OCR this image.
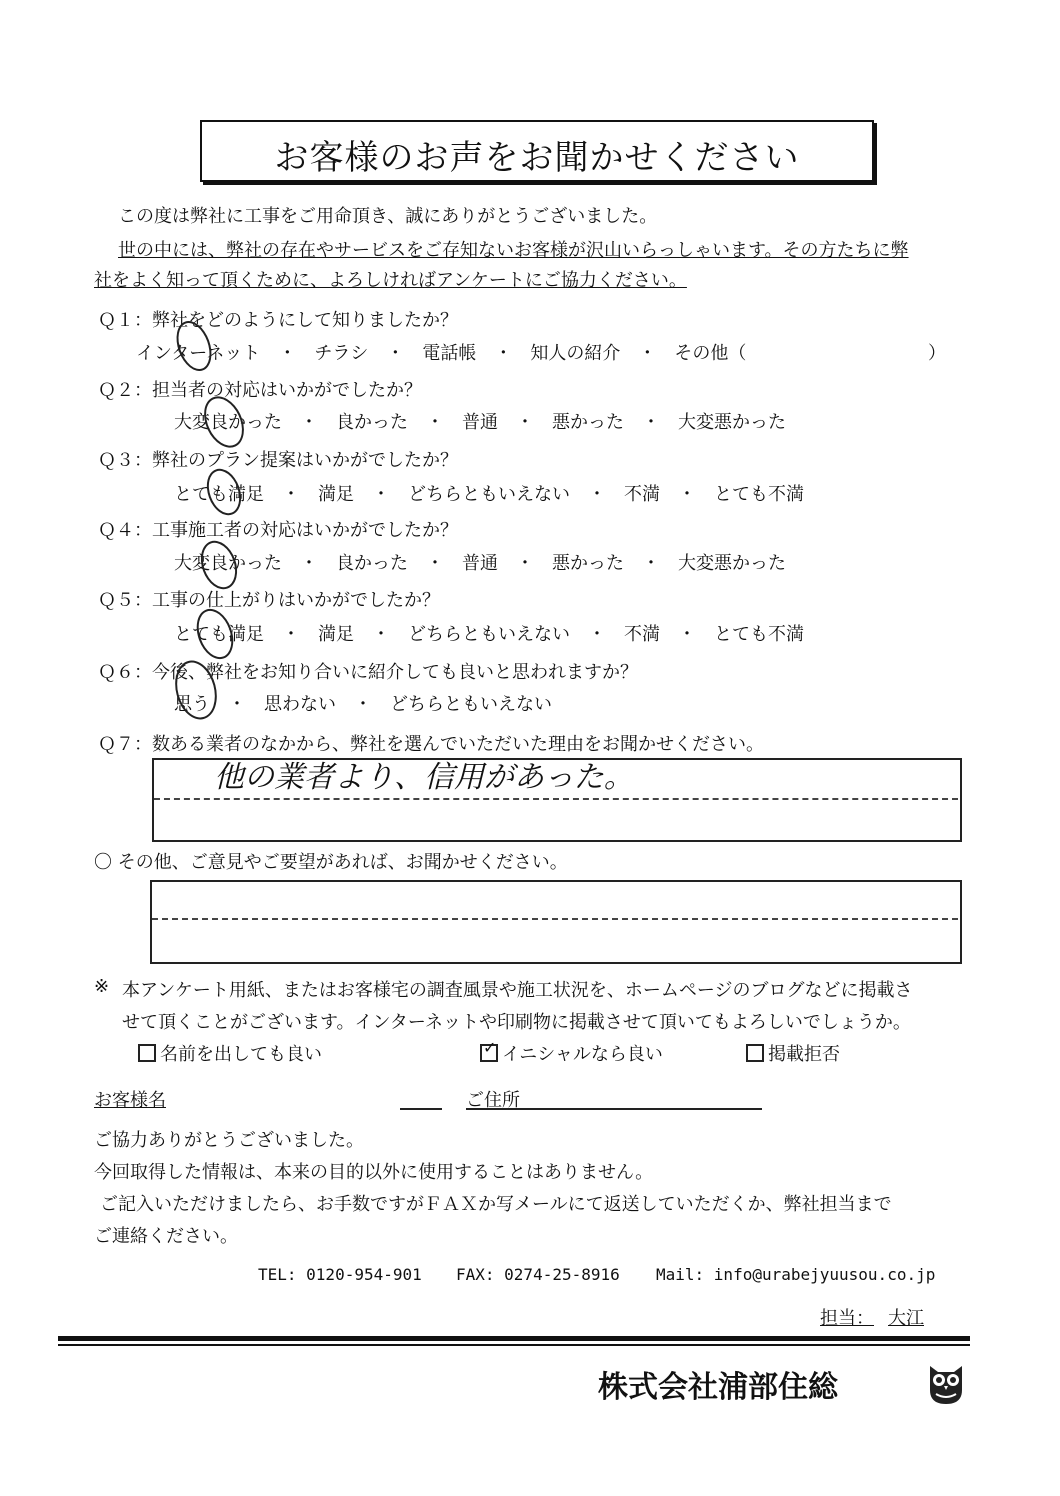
お客様のお声をお聞かせください
この度は弊社に工事をご用命頂き、誠にありがとうございました。
世の中には、弊社の存在やサービスをご存知ないお客様が沢山いらっしゃいます。その方たちに弊
社をよく知って頂くために、よろしければアンケートにご協力ください。
Ｑ１：弊社をどのようにして知りましたか？
インターネット　・　チラシ　・　電話帳　・　知人の紹介　・　その他（	）
Ｑ２：担当者の対応はいかがでしたか？
大変良かった　・　良かった　・　普通　・　悪かった　・　大変悪かった
Ｑ３：弊社のプラン提案はいかがでしたか？
とても満足　・　満足　・　どちらともいえない　・　不満　・　とても不満
Ｑ４：工事施工者の対応はいかがでしたか？
大変良かった　・　良かった　・　普通　・　悪かった　・　大変悪かった
Ｑ５：工事の仕上がりはいかがでしたか？
とても満足　・　満足　・　どちらともいえない　・　不満　・　とても不満
Ｑ６：今後、弊社をお知り合いに紹介しても良いと思われますか？
思う　・　思わない　・　どちらともいえない
Ｑ７：数ある業者のなかから、弊社を選んでいただいた理由をお聞かせください。
他の業者より、信用があった。
〇 その他、ご意見やご要望があれば、お聞かせください。
※ 本アンケート用紙、またはお客様宅の調査風景や施工状況を、ホームページのブログなどに掲載さ
せて頂くことがございます。インターネットや印刷物に掲載させて頂いてもよろしいでしょうか。
名前を出しても良い	✓ イニシャルなら良い	掲載拒否
お客様名	ご住所
ご協力ありがとうございました。
今回取得した情報は、本来の目的以外に使用することはありません。
ご記入いただけましたら、お手数ですがＦＡＸか写メールにて返送していただくか、弊社担当まで
ご連絡ください。
TEL: 0120-954-901 FAX: 0274-25-8916 Mail: info@urabejyuusou.co.jp
担当： 大江
株式会社浦部住総
